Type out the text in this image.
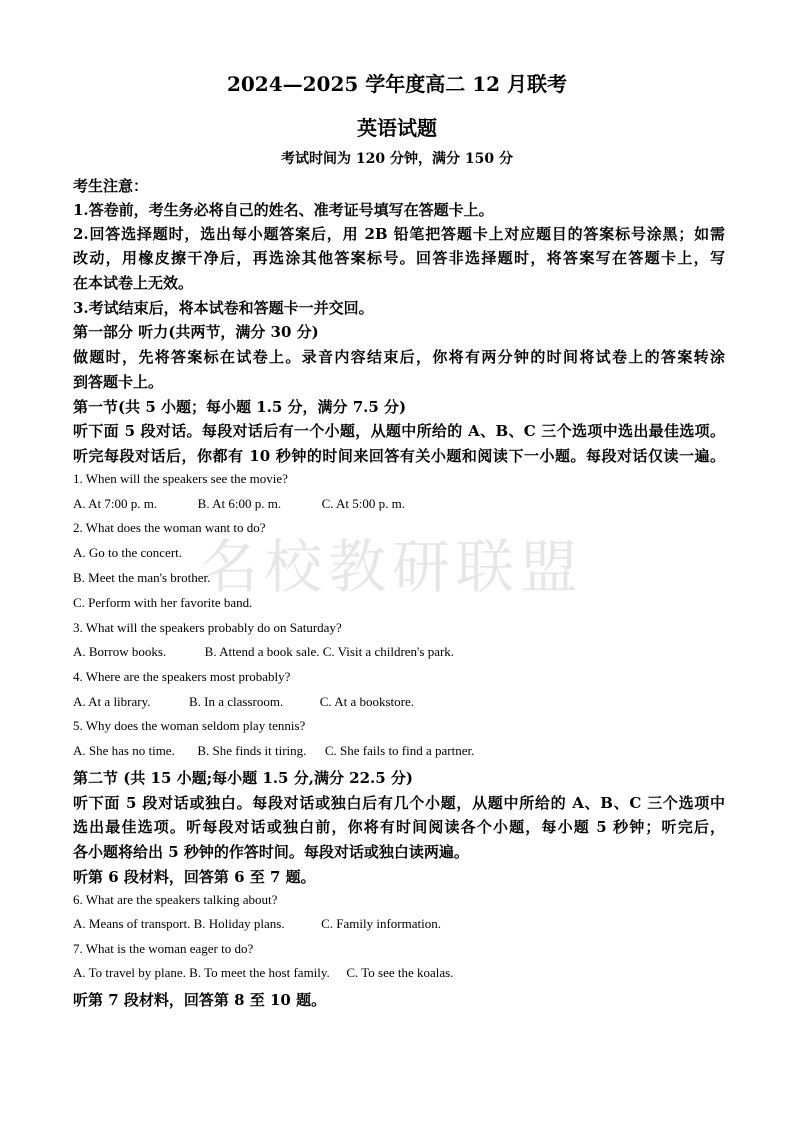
名校教研联盟
2024—2025 学年度高二 12 月联考
英语试题
考试时间为 120 分钟，满分 150 分
考生注意：
1.答卷前，考生务必将自己的姓名、准考证号填写在答题卡上。
2.回答选择题时，选出每小题答案后，用 2B 铅笔把答题卡上对应题目的答案标号涂黑；如需
改动，用橡皮擦干净后，再选涂其他答案标号。回答非选择题时，将答案写在答题卡上，写
在本试卷上无效。
3.考试结束后，将本试卷和答题卡一并交回。
第一部分 听力(共两节，满分 30 分)
做题时，先将答案标在试卷上。录音内容结束后，你将有两分钟的时间将试卷上的答案转涂
到答题卡上。
第一节(共 5 小题；每小题 1.5 分，满分 7.5 分)
听下面 5 段对话。每段对话后有一个小题，从题中所给的 A、B、C 三个选项中选出最佳选项。
听完每段对话后，你都有 10 秒钟的时间来回答有关小题和阅读下一小题。每段对话仅读一遍。
1. When will the speakers see the movie?
A. At 7:00 p. m.	B. At 6:00 p. m.	C. At 5:00 p. m.
2. What does the woman want to do?
A. Go to the concert.
B. Meet the man's brother.
C. Perform with her favorite band.
3. What will the speakers probably do on Saturday?
A. Borrow books.	B. Attend a book sale. C. Visit a children's park.
4. Where are the speakers most probably?
A. At a library.	B. In a classroom.	C. At a bookstore.
5. Why does the woman seldom play tennis?
A. She has no time. B. She finds it tiring. C. She fails to find a partner.
第二节 (共 15 小题;每小题 1.5 分,满分 22.5 分)
听下面 5 段对话或独白。每段对话或独白后有几个小题，从题中所给的 A、B、C 三个选项中
选出最佳选项。听每段对话或独白前，你将有时间阅读各个小题，每小题 5 秒钟；听完后，
各小题将给出 5 秒钟的作答时间。每段对话或独白读两遍。
听第 6 段材料，回答第 6 至 7 题。
6. What are the speakers talking about?
A. Means of transport. B. Holiday plans.	C. Family information.
7. What is the woman eager to do?
A. To travel by plane. B. To meet the host family. C. To see the koalas.
听第 7 段材料，回答第 8 至 10 题。
